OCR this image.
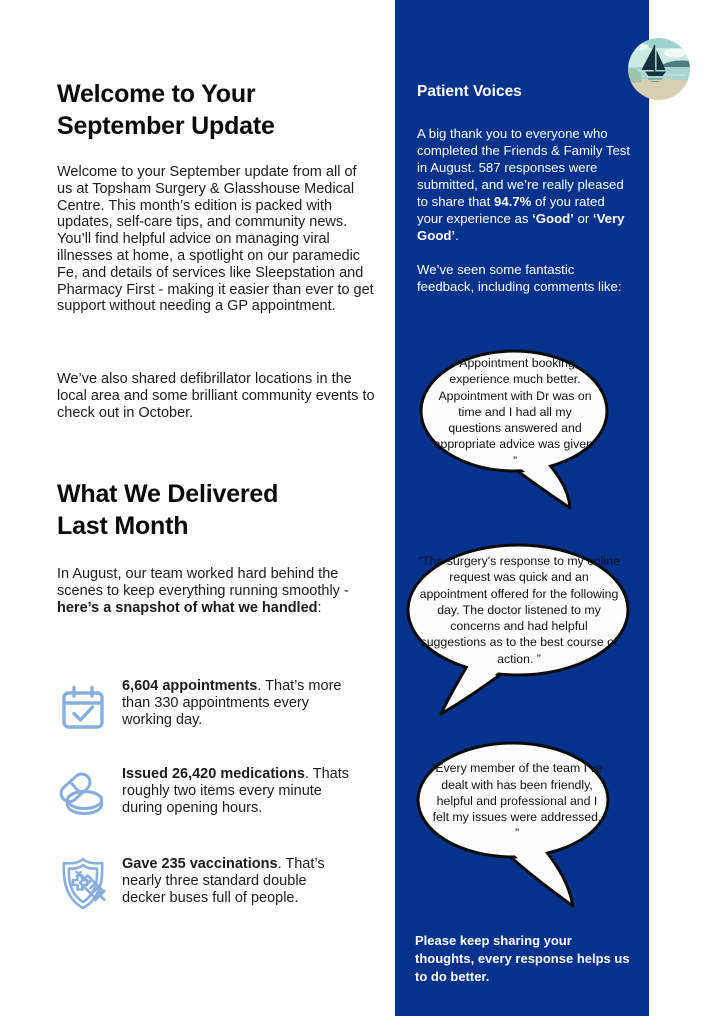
Welcome to Your
September Update
Welcome to your September update from all of us at Topsham Surgery & Glasshouse Medical Centre. This month’s edition is packed with updates, self-care tips, and community news. You’ll find helpful advice on managing viral illnesses at home, a spotlight on our paramedic Fe, and details of services like Sleepstation and Pharmacy First - making it easier than ever to get support without needing a GP appointment.
We’ve also shared defibrillator locations in the local area and some brilliant community events to check out in October.
What We Delivered
Last Month
In August, our team worked hard behind the scenes to keep everything running smoothly - here’s a snapshot of what we handled:
6,604 appointments. That’s more than 330 appointments every working day.
Issued 26,420 medications. Thats roughly two items every minute during opening hours.
Gave 235 vaccinations. That’s nearly three standard double decker buses full of people.
Patient Voices
A big thank you to everyone who completed the Friends & Family Test in August. 587 responses were submitted, and we’re really pleased to share that 94.7% of you rated your experience as ‘Good’ or ‘Very Good’.
We’ve seen some fantastic feedback, including comments like:
“Appointment booking experience much better. Appointment with Dr was on time and I had all my questions answered and appropriate advice was given. ”
“The surgery's response to my online request was quick and an appointment offered for the following day. The doctor listened to my concerns and had helpful suggestions as to the best course of action. ”
“Every member of the team I’ve dealt with has been friendly, helpful and professional and I felt my issues were addressed. ”
Please keep sharing your thoughts, every response helps us to do better.
